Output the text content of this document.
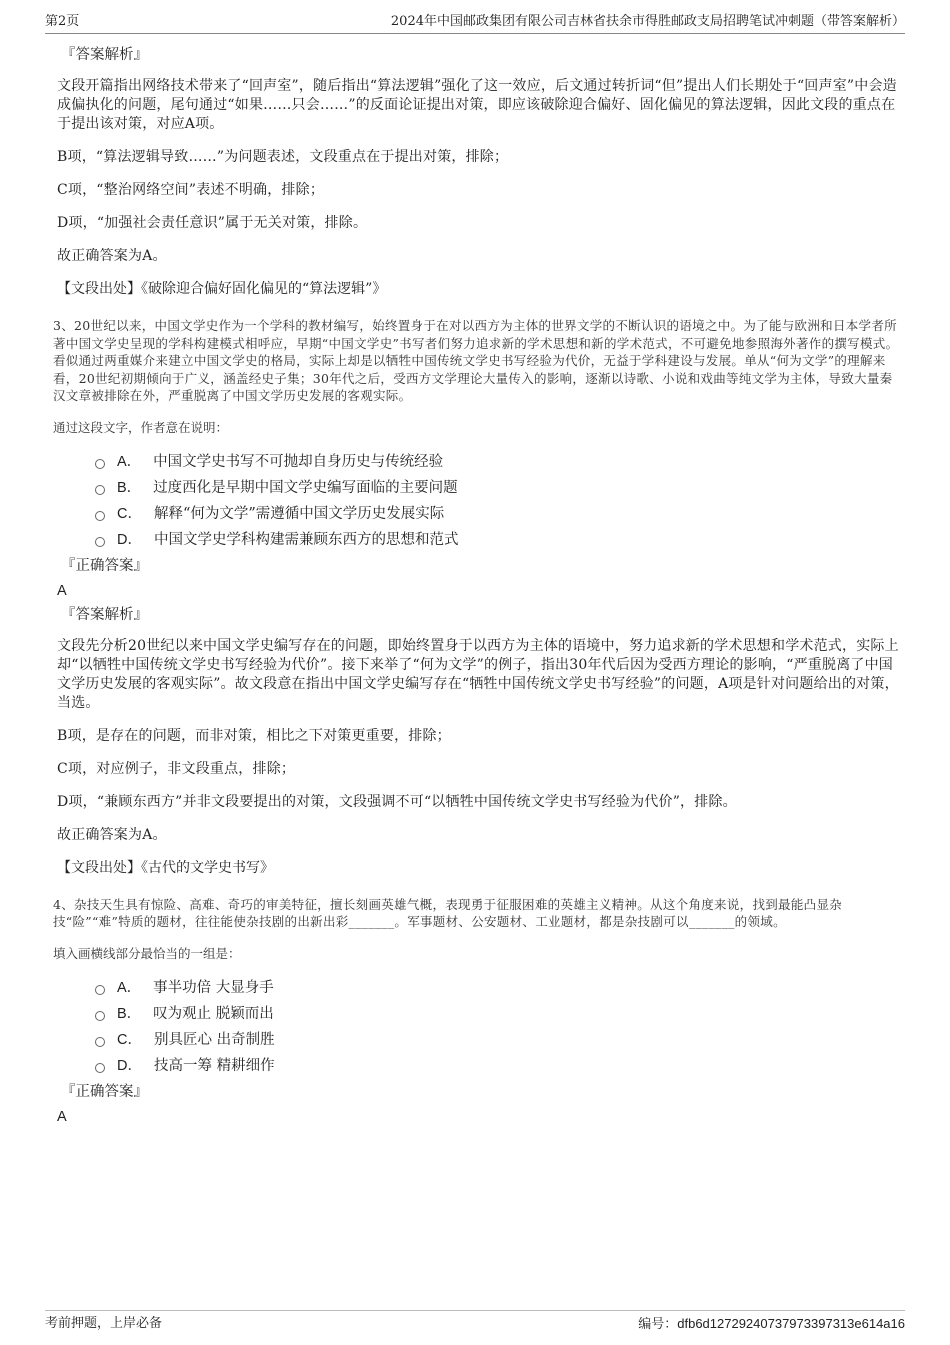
第2页	2024年中国邮政集团有限公司吉林省扶余市得胜邮政支局招聘笔试冲刺题（带答案解析）
『答案解析』
文段开篇指出网络技术带来了“回声室”，随后指出“算法逻辑”强化了这一效应，后文通过转折词“但”提出人们长期处于“回声室”中会造成偏执化的问题，尾句通过“如果……只会……”的反面论证提出对策，即应该破除迎合偏好、固化偏见的算法逻辑，因此文段的重点在于提出该对策，对应A项。
B项，“算法逻辑导致……”为问题表述，文段重点在于提出对策，排除；
C项，“整治网络空间”表述不明确，排除；
D项，“加强社会责任意识”属于无关对策，排除。
故正确答案为A。
【文段出处】《破除迎合偏好固化偏见的“算法逻辑”》
3、20世纪以来，中国文学史作为一个学科的教材编写，始终置身于在对以西方为主体的世界文学的不断认识的语境之中。为了能与欧洲和日本学者所著中国文学史呈现的学科构建模式相呼应，早期“中国文学史”书写者们努力追求新的学术思想和新的学术范式，不可避免地参照海外著作的撰写模式。看似通过两重媒介来建立中国文学史的格局，实际上却是以牺牲中国传统文学史书写经验为代价，无益于学科建设与发展。单从“何为文学”的理解来看，20世纪初期倾向于广义，涵盖经史子集；30年代之后，受西方文学理论大量传入的影响，逐渐以诗歌、小说和戏曲等纯文学为主体，导致大量秦汉文章被排除在外，严重脱离了中国文学历史发展的客观实际。
通过这段文字，作者意在说明：
A． 中国文学史书写不可抛却自身历史与传统经验
B． 过度西化是早期中国文学史编写面临的主要问题
C． 解释“何为文学”需遵循中国文学历史发展实际
D． 中国文学史学科构建需兼顾东西方的思想和范式
『正确答案』
A
『答案解析』
文段先分析20世纪以来中国文学史编写存在的问题，即始终置身于以西方为主体的语境中，努力追求新的学术思想和学术范式，实际上却“以牺牲中国传统文学史书写经验为代价”。接下来举了“何为文学”的例子，指出30年代后因为受西方理论的影响，“严重脱离了中国文学历史发展的客观实际”。故文段意在指出中国文学史编写存在“牺牲中国传统文学史书写经验”的问题，A项是针对问题给出的对策，当选。
B项，是存在的问题，而非对策，相比之下对策更重要，排除；
C项，对应例子，非文段重点，排除；
D项，“兼顾东西方”并非文段要提出的对策，文段强调不可“以牺牲中国传统文学史书写经验为代价”，排除。
故正确答案为A。
【文段出处】《古代的文学史书写》
4、杂技天生具有惊险、高难、奇巧的审美特征，擅长刻画英雄气概，表现勇于征服困难的英雄主义精神。从这个角度来说，找到最能凸显杂技“险”“难”特质的题材，往往能使杂技剧的出新出彩_______。军事题材、公安题材、工业题材，都是杂技剧可以_______的领域。
填入画横线部分最恰当的一组是：
A． 事半功倍 大显身手
B． 叹为观止 脱颖而出
C． 别具匠心 出奇制胜
D． 技高一筹 精耕细作
『正确答案』
A
考前押题，上岸必备	编号：dfb6d1272924073797339731​3e614a16
